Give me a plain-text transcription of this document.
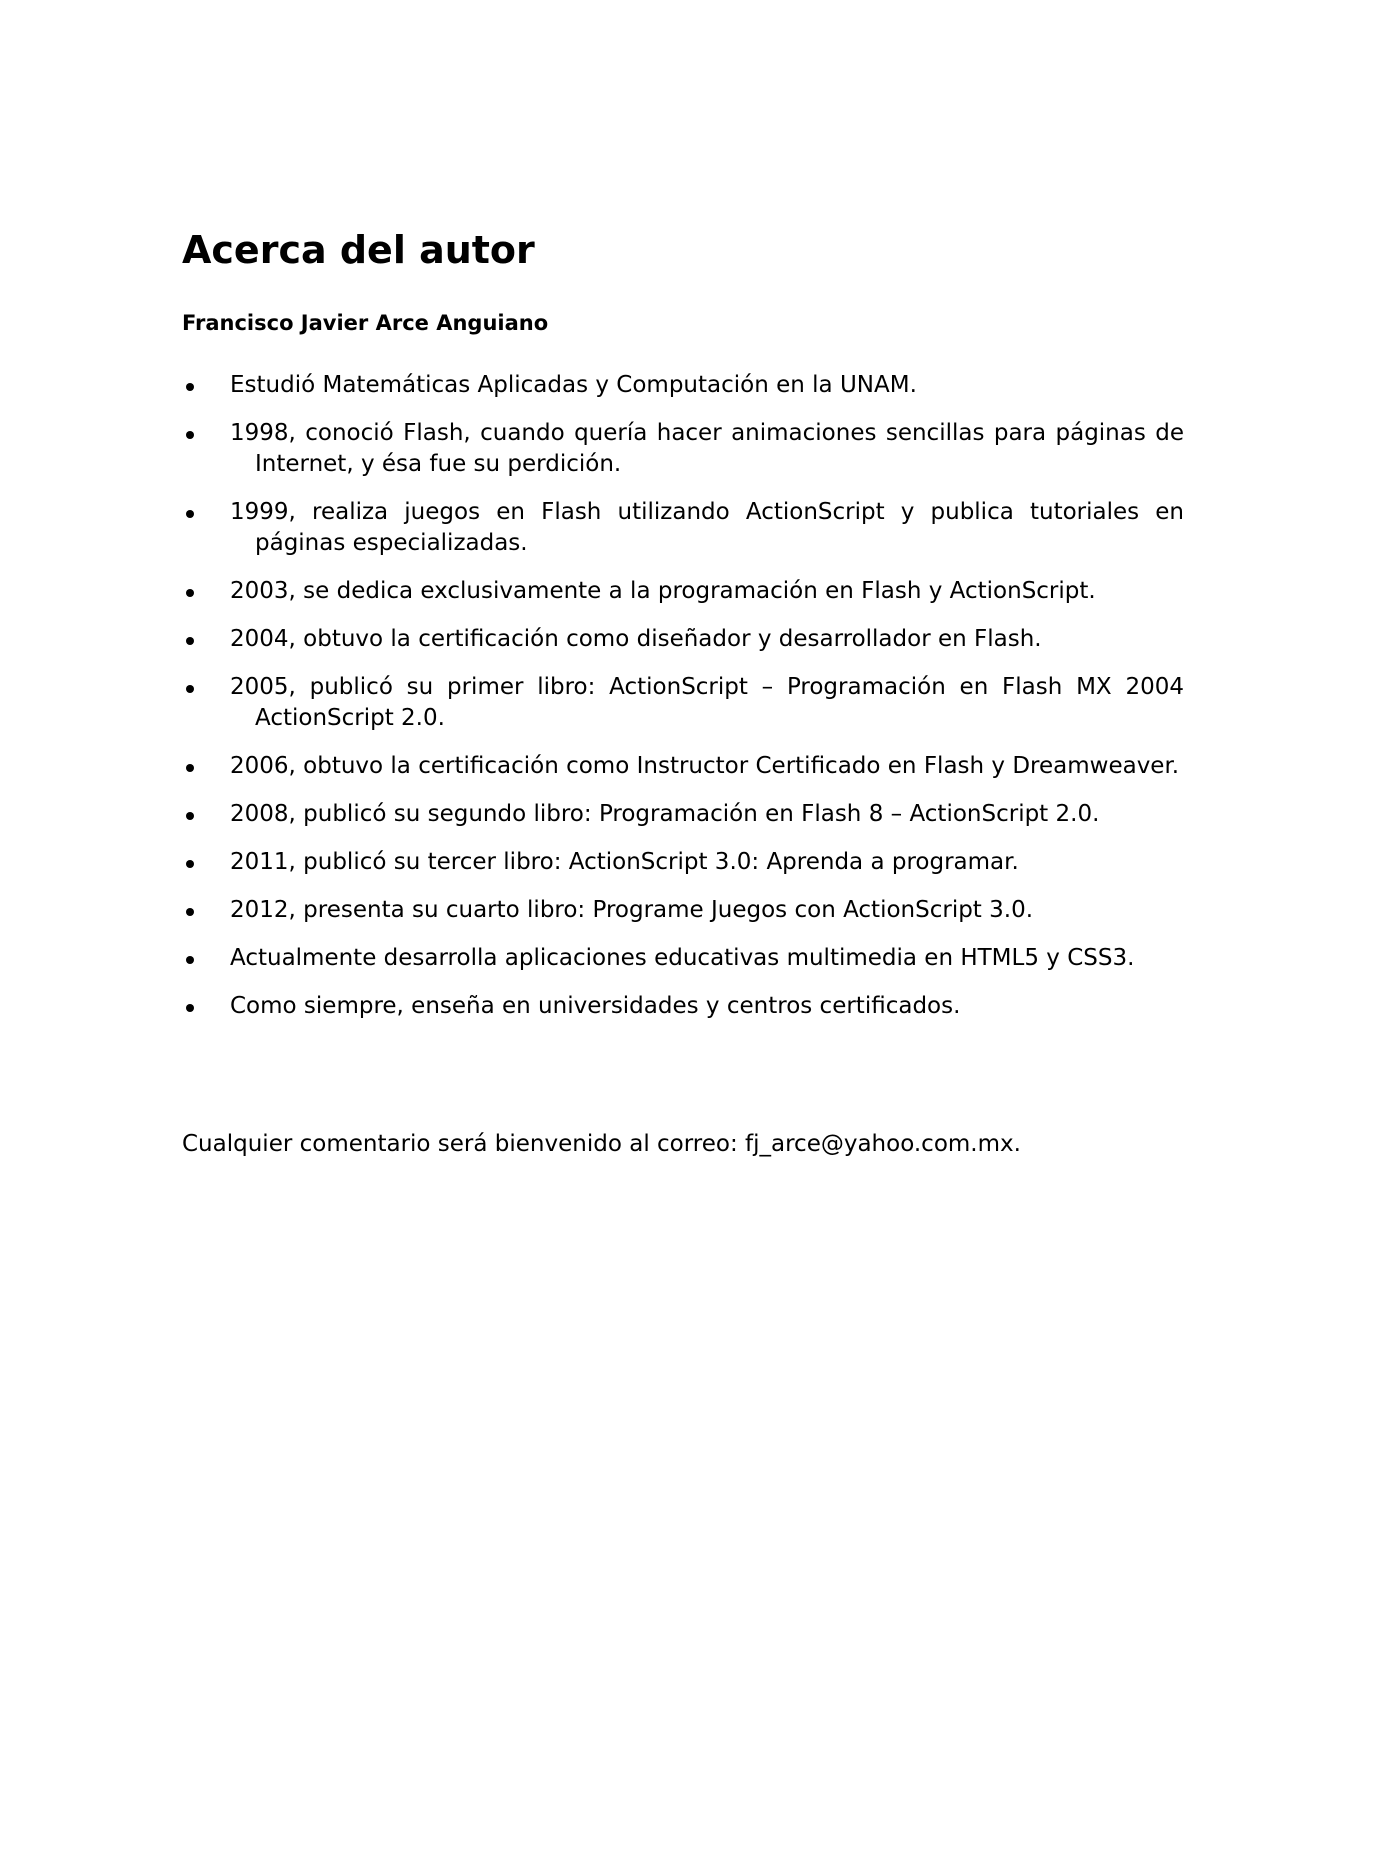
Acerca del autor

Francisco Javier Arce Anguiano

Estudió Matemáticas Aplicadas y Computación en la UNAM.
1998, conoció Flash, cuando quería hacer animaciones sencillas para páginas de Internet, y ésa fue su perdición.
1999, realiza juegos en Flash utilizando ActionScript y publica tutoriales en páginas especializadas.
2003, se dedica exclusivamente a la programación en Flash y ActionScript.
2004, obtuvo la certificación como diseñador y desarrollador en Flash.
2005, publicó su primer libro: ActionScript – Programación en Flash MX 2004 ActionScript 2.0.
2006, obtuvo la certificación como Instructor Certificado en Flash y Dreamweaver.
2008, publicó su segundo libro: Programación en Flash 8 – ActionScript 2.0.
2011, publicó su tercer libro: ActionScript 3.0: Aprenda a programar.
2012, presenta su cuarto libro: Programe Juegos con ActionScript 3.0.
Actualmente desarrolla aplicaciones educativas multimedia en HTML5 y CSS3.
Como siempre, enseña en universidades y centros certificados.

Cualquier comentario será bienvenido al correo: fj_arce@yahoo.com.mx.
